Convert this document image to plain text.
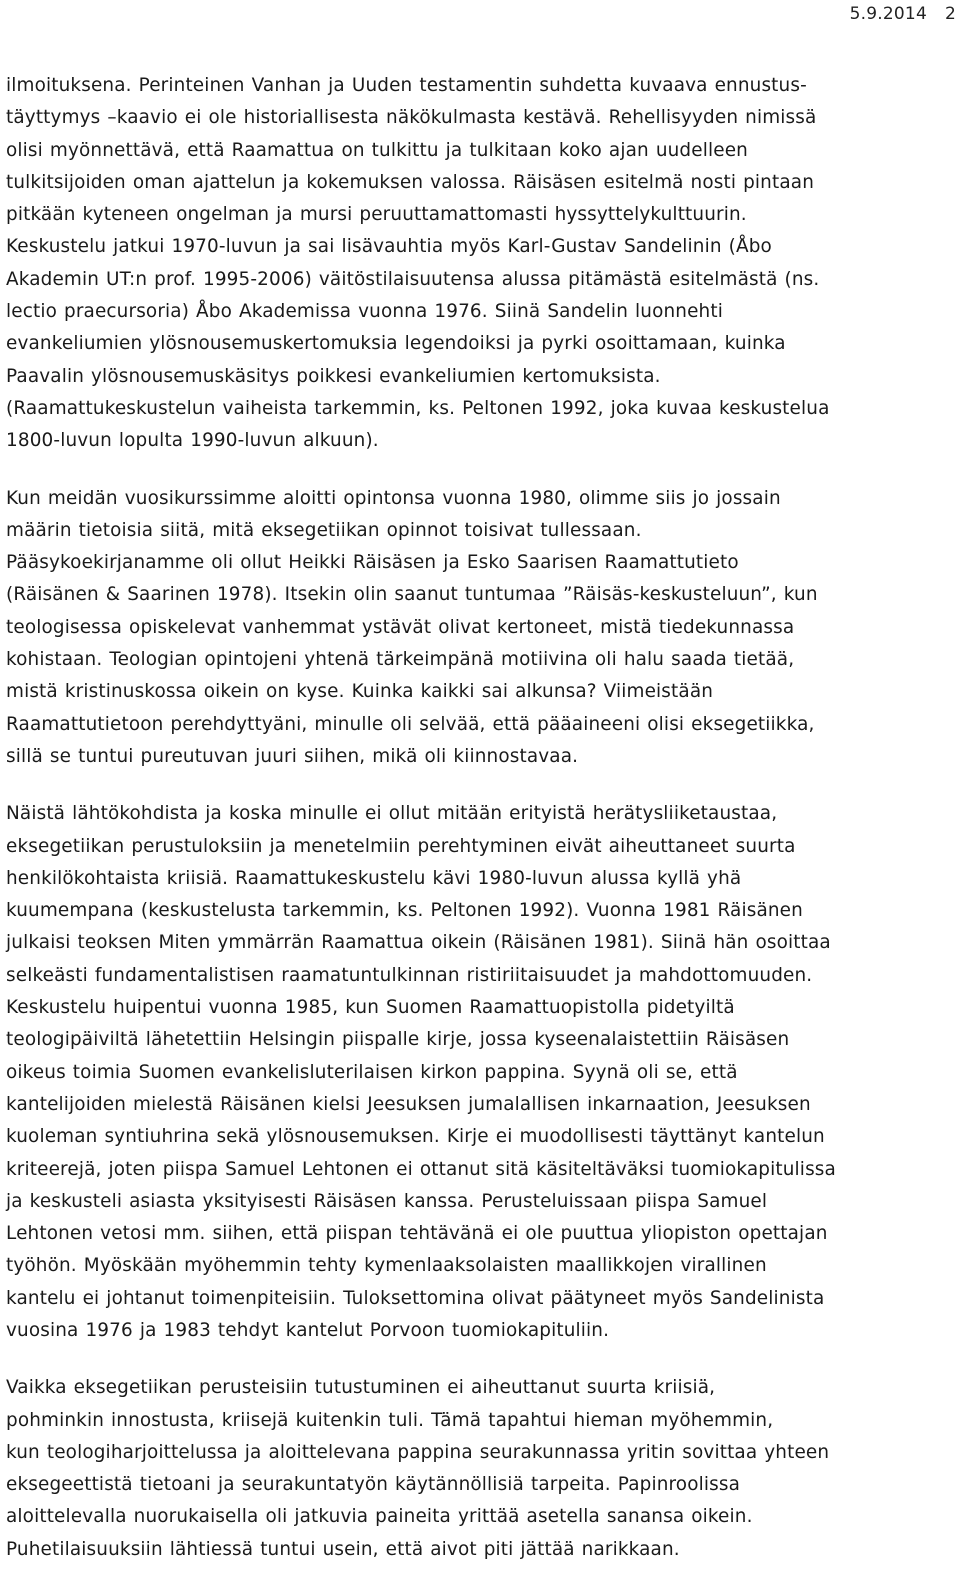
5.9.2014 2

ilmoituksena. Perinteinen Vanhan ja Uuden testamentin suhdetta kuvaava ennustus-
täyttymys –kaavio ei ole historiallisesta näkökulmasta kestävä. Rehellisyyden nimissä
olisi myönnettävä, että Raamattua on tulkittu ja tulkitaan koko ajan uudelleen
tulkitsijoiden oman ajattelun ja kokemuksen valossa. Räisäsen esitelmä nosti pintaan
pitkään kyteneen ongelman ja mursi peruuttamattomasti hyssyttelykulttuurin.
Keskustelu jatkui 1970-luvun ja sai lisävauhtia myös Karl-Gustav Sandelinin (Åbo
Akademin UT:n prof. 1995-2006) väitöstilaisuutensa alussa pitämästä esitelmästä (ns.
lectio praecursoria) Åbo Akademissa vuonna 1976. Siinä Sandelin luonnehti
evankeliumien ylösnousemuskertomuksia legendoiksi ja pyrki osoittamaan, kuinka
Paavalin ylösnousemuskäsitys poikkesi evankeliumien kertomuksista.
(Raamattukeskustelun vaiheista tarkemmin, ks. Peltonen 1992, joka kuvaa keskustelua
1800-luvun lopulta 1990-luvun alkuun).

Kun meidän vuosikurssimme aloitti opintonsa vuonna 1980, olimme siis jo jossain
määrin tietoisia siitä, mitä eksegetiikan opinnot toisivat tullessaan.
Pääsykoekirjanamme oli ollut Heikki Räisäsen ja Esko Saarisen Raamattutieto
(Räisänen & Saarinen 1978). Itsekin olin saanut tuntumaa ”Räisäs-keskusteluun”, kun
teologisessa opiskelevat vanhemmat ystävät olivat kertoneet, mistä tiedekunnassa
kohistaan. Teologian opintojeni yhtenä tärkeimpänä motiivina oli halu saada tietää,
mistä kristinuskossa oikein on kyse. Kuinka kaikki sai alkunsa? Viimeistään
Raamattutietoon perehdyttyäni, minulle oli selvää, että pääaineeni olisi eksegetiikka,
sillä se tuntui pureutuvan juuri siihen, mikä oli kiinnostavaa.

Näistä lähtökohdista ja koska minulle ei ollut mitään erityistä herätysliiketaustaa,
eksegetiikan perustuloksiin ja menetelmiin perehtyminen eivät aiheuttaneet suurta
henkilökohtaista kriisiä. Raamattukeskustelu kävi 1980-luvun alussa kyllä yhä
kuumempana (keskustelusta tarkemmin, ks. Peltonen 1992). Vuonna 1981 Räisänen
julkaisi teoksen Miten ymmärrän Raamattua oikein (Räisänen 1981). Siinä hän osoittaa
selkeästi fundamentalistisen raamatuntulkinnan ristiriitaisuudet ja mahdottomuuden.
Keskustelu huipentui vuonna 1985, kun Suomen Raamattuopistolla pidetyiltä
teologipäiviltä lähetettiin Helsingin piispalle kirje, jossa kyseenalaistettiin Räisäsen
oikeus toimia Suomen evankelisluterilaisen kirkon pappina. Syynä oli se, että
kantelijoiden mielestä Räisänen kielsi Jeesuksen jumalallisen inkarnaation, Jeesuksen
kuoleman syntiuhrina sekä ylösnousemuksen. Kirje ei muodollisesti täyttänyt kantelun
kriteerejä, joten piispa Samuel Lehtonen ei ottanut sitä käsiteltäväksi tuomiokapitulissa
ja keskusteli asiasta yksityisesti Räisäsen kanssa. Perusteluissaan piispa Samuel
Lehtonen vetosi mm. siihen, että piispan tehtävänä ei ole puuttua yliopiston opettajan
työhön. Myöskään myöhemmin tehty kymenlaaksolaisten maallikkojen virallinen
kantelu ei johtanut toimenpiteisiin. Tuloksettomina olivat päätyneet myös Sandelinista
vuosina 1976 ja 1983 tehdyt kantelut Porvoon tuomiokapituliin.

Vaikka eksegetiikan perusteisiin tutustuminen ei aiheuttanut suurta kriisiä,
pohminkin innostusta, kriisejä kuitenkin tuli. Tämä tapahtui hieman myöhemmin,
kun teologiharjoittelussa ja aloittelevana pappina seurakunnassa yritin sovittaa yhteen
eksegeettistä tietoani ja seurakuntatyön käytännöllisiä tarpeita. Papinroolissa
aloittelevalla nuorukaisella oli jatkuvia paineita yrittää asetella sanansa oikein.
Puhetilaisuuksiin lähtiessä tuntui usein, että aivot piti jättää narikkaan.
